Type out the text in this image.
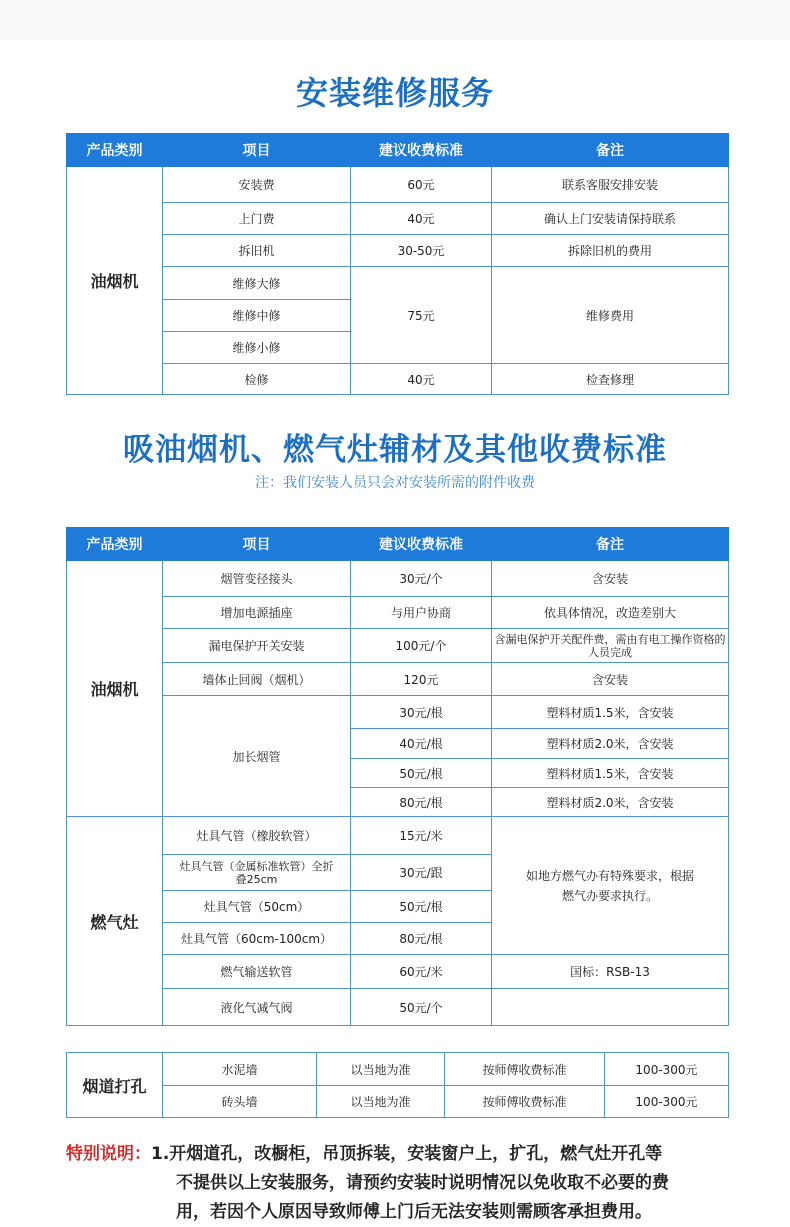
安装维修服务
产品类别	项目	建议收费标准	备注
油烟机	安装费	60元	联系客服安排安装
	上门费	40元	确认上门安装请保持联系
	拆旧机	30-50元	拆除旧机的费用
	维修大修	75元	维修费用
	维修中修		
	维修小修		
	检修	40元	检查修理
吸油烟机、燃气灶辅材及其他收费标准
注：我们安装人员只会对安装所需的附件收费
产品类别	项目	建议收费标准	备注
油烟机	烟管变径接头	30元/个	含安装
	增加电源插座	与用户协商	依具体情况，改造差别大
	漏电保护开关安装	100元/个	含漏电保护开关配件费，需由有电工操作资格的人员完成
	墙体止回阀（烟机）	120元	含安装
	加长烟管	30元/根	塑料材质1.5米，含安装
		40元/根	塑料材质2.0米，含安装
		50元/根	塑料材质1.5米，含安装
		80元/根	塑料材质2.0米，含安装
燃气灶	灶具气管（橡胶软管）	15元/米	如地方燃气办有特殊要求，根据燃气办要求执行。
	灶具气管（金属标准软管）全折叠25cm	30元/跟	
	灶具气管（50cm）	50元/根	
	灶具气管（60cm-100cm）	80元/根	
	燃气输送软管	60元/米	国标：RSB-13
	液化气减气阀	50元/个	
烟道打孔	水泥墙	以当地为准	按师傅收费标准	100-300元
	砖头墙	以当地为准	按师傅收费标准	100-300元
特别说明：1.开烟道孔，改橱柜，吊顶拆装，安装窗户上，扩孔，燃气灶开孔等
不提供以上安装服务，请预约安装时说明情况以免收取不必要的费
用，若因个人原因导致师傅上门后无法安装则需顾客承担费用。
